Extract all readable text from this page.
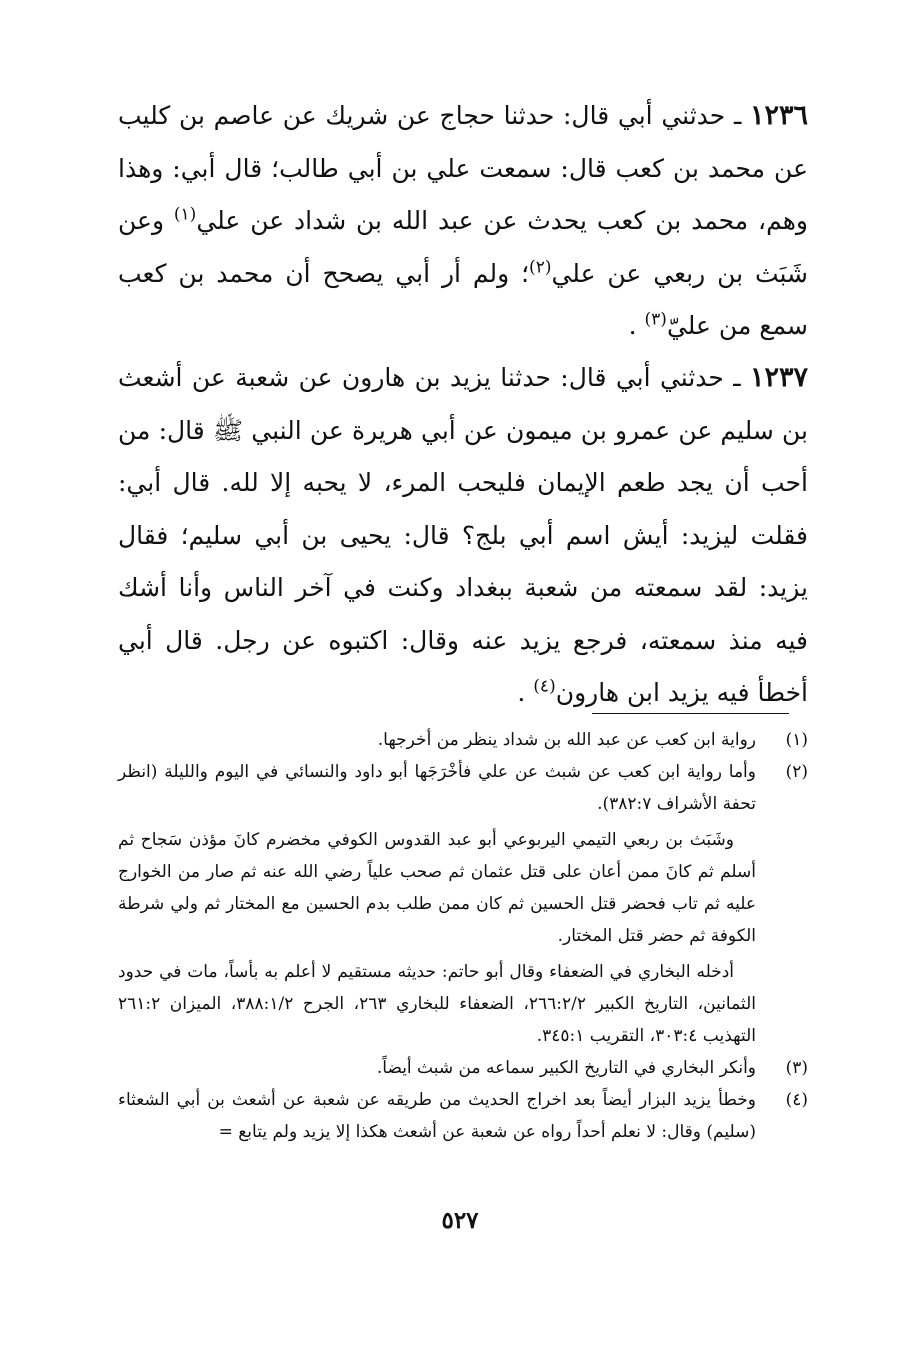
١٢٣٦ ـ حدثني أبي قال: حدثنا حجاج عن شريك عن عاصم بن كليب عن محمد بن كعب قال: سمعت علي بن أبي طالب؛ قال أبي: وهذا وهم، محمد بن كعب يحدث عن عبد الله بن شداد عن علي$^{(١)}$ وعن شَبَث بن ربعي عن علي$^{(٢)}$؛ ولم أر أبي يصحح أن محمد بن كعب سمع من عليّ$^{(٣)}$ .
١٢٣٧ ـ حدثني أبي قال: حدثنا يزيد بن هارون عن شعبة عن أشعث بن سليم عن عمرو بن ميمون عن أبي هريرة عن النبي ﷺ قال: من أحب أن يجد طعم الإيمان فليحب المرء، لا يحبه إلا لله. قال أبي: فقلت ليزيد: أيش اسم أبي بلج؟ قال: يحيى بن أبي سليم؛ فقال يزيد: لقد سمعته من شعبة ببغداد وكنت في آخر الناس وأنا أشك فيه منذ سمعته، فرجع يزيد عنه وقال: اكتبوه عن رجل. قال أبي أخطأ فيه يزيد ابن هارون$^{(٤)}$ .
(١)
رواية ابن كعب عن عبد الله بن شداد ينظر من أخرجها.
(٢)
وأما رواية ابن كعب عن شبث عن علي فأخْرَجَها أبو داود والنسائي في اليوم والليلة (انظر تحفة الأشراف ٣٨٢:٧).
وشَبَث بن ربعي التيمي اليربوعي أبو عبد القدوس الكوفي مخضرم كانَ مؤذن سَجاح ثم أسلم ثم كانَ ممن أعان على قتل عثمان ثم صحب علياً رضي الله عنه ثم صار من الخوارج عليه ثم تاب فحضر قتل الحسين ثم كان ممن طلب بدم الحسين مع المختار ثم ولي شرطة الكوفة ثم حضر قتل المختار.
أدخله البخاري في الضعفاء وقال أبو حاتم: حديثه مستقيم لا أعلم به بأساً، مات في حدود الثمانين، التاريخ الكبير ٢٦٦:٢/٢، الضعفاء للبخاري ٢٦٣، الجرح ٣٨٨:١/٢، الميزان ٢٦١:٢ التهذيب ٣٠٣:٤، التقريب ٣٤٥:١.
(٣)
وأنكر البخاري في التاريخ الكبير سماعه من شبث أيضاً.
(٤)
وخطأ يزيد البزار أيضاً بعد اخراج الحديث من طريقه عن شعبة عن أشعث بن أبي الشعثاء (سليم) وقال: لا نعلم أحداً رواه عن شعبة عن أشعث هكذا إلا يزيد ولم يتابع =
٥٢٧
